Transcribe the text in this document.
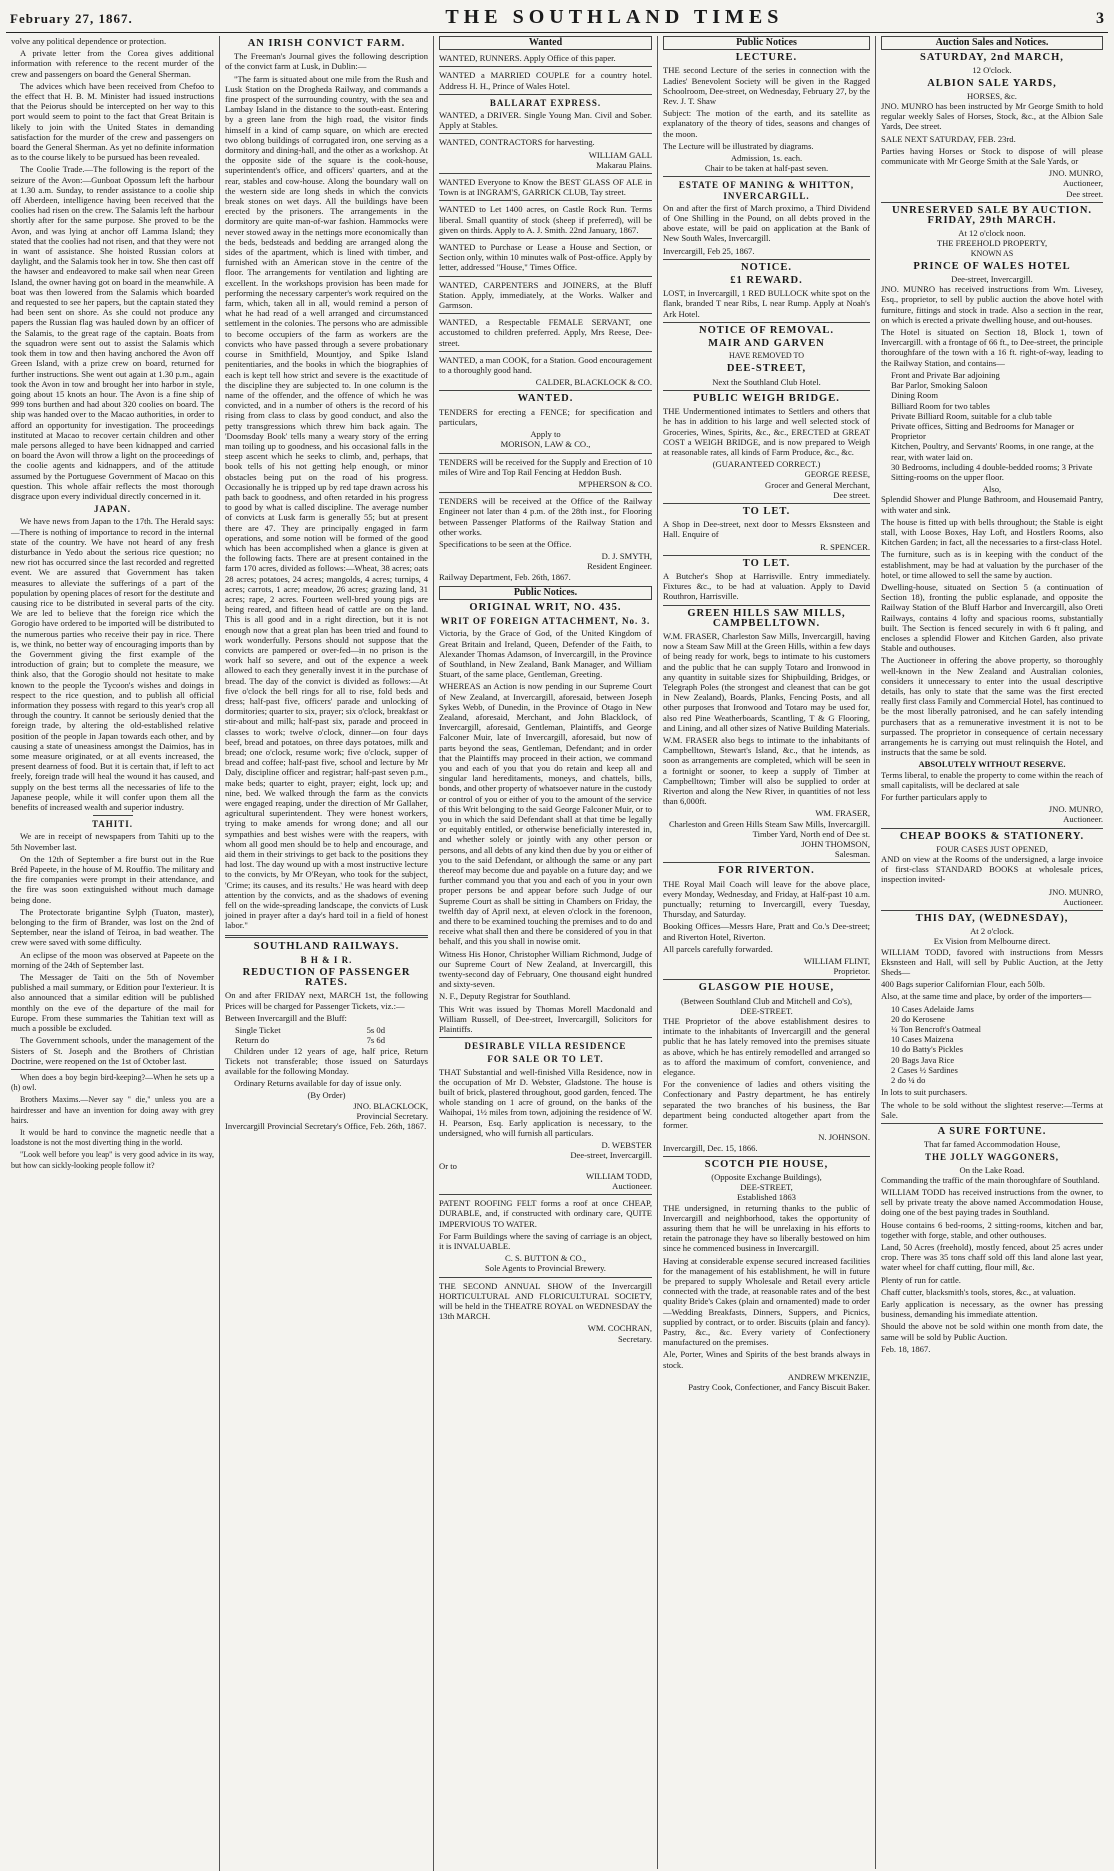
February 27, 1867.	THE SOUTHLAND TIMES	3

volve any political dependence or protection.

A private letter from the Corea gives additional information with reference to the recent murder of the crew and passengers on board the General Sherman.

The advices which have been received from Chefoo to the effect that H. B. M. Minister had issued instructions that the Peiorus should be intercepted on her way to this port would seem to point to the fact that Great Britain is likely to join with the United States in demanding satisfaction for the murder of the crew and passengers on board the General Sherman. As yet no definite information as to the course likely to be pursued has been revealed.

The Coolie Trade.—The following is the report of the seizure of the Avon:—Gunboat Opossum left the harbour at 1.30 a.m. Sunday, to render assistance to a coolie ship off Aberdeen, intelligence having been received that the coolies had risen on the crew. The Salamis left the harbour shortly after for the same purpose. She proved to be the Avon, and was lying at anchor off Lamma Island; they stated that the coolies had not risen, and that they were not in want of assistance. She hoisted Russian colors at daylight, and the Salamis took her in tow. She then cast off the hawser and endeavored to make sail when near Green Island, the owner having got on board in the meanwhile. A boat was then lowered from the Salamis which boarded and requested to see her papers, but the captain stated they had been sent on shore. As she could not produce any papers the Russian flag was hauled down by an officer of the Salamis, to the great rage of the captain. Boats from the squadron were sent out to assist the Salamis which took them in tow and then having anchored the Avon off Green Island, with a prize crew on board, returned for further instructions. She went out again at 1.30 p.m., again took the Avon in tow and brought her into harbor in style, going about 15 knots an hour. The Avon is a fine ship of 999 tons burthen and had about 320 coolies on board. The ship was handed over to the Macao authorities, in order to afford an opportunity for investigation. The proceedings instituted at Macao to recover certain children and other male persons alleged to have been kidnapped and carried on board the Avon will throw a light on the proceedings of the coolie agents and kidnappers, and of the attitude assumed by the Portuguese Government of Macao on this question. This whole affair reflects the most thorough disgrace upon every individual directly concerned in it.

JAPAN.

We have news from Japan to the 17th. The Herald says:—There is nothing of importance to record in the internal state of the country. We have not heard of any fresh disturbance in Yedo about the serious rice question; no new riot has occurred since the last recorded and regretted event. We are assured that Government has taken measures to alleviate the sufferings of a part of the population by opening places of resort for the destitute and causing rice to be distributed in several parts of the city. We are led to believe that the foreign rice which the Gorogio have ordered to be imported will be distributed to the numerous parties who receive their pay in rice. There is, we think, no better way of encouraging imports than by the Government giving the first example of the introduction of grain; but to complete the measure, we think also, that the Gorogio should not hesitate to make known to the people the Tycoon's wishes and doings in respect to the rice question, and to publish all official information they possess with regard to this year's crop all through the country. It cannot be seriously denied that the foreign trade, by altering the old-established relative position of the people in Japan towards each other, and by causing a state of uneasiness amongst the Daimios, has in some measure originated, or at all events increased, the present dearness of food. But it is certain that, if left to act freely, foreign trade will heal the wound it has caused, and supply on the best terms all the necessaries of life to the Japanese people, while it will confer upon them all the benefits of increased wealth and superior industry.

TAHITI.

We are in receipt of newspapers from Tahiti up to the 5th November last.

On the 12th of September a fire burst out in the Rue Bréd Papeete, in the house of M. Rouffio. The military and the fire companies were prompt in their attendance, and the fire was soon extinguished without much damage being done.

The Protectorate brigantine Sylph (Tuaton, master), belonging to the firm of Brander, was lost on the 2nd of September, near the island of Teiroa, in bad weather. The crew were saved with some difficulty.

An eclipse of the moon was observed at Papeete on the morning of the 24th of September last.

The Messager de Taiti on the 5th of November published a mail summary, or Edition pour l'exterieur. It is also announced that a similar edition will be published monthly on the eve of the departure of the mail for Europe. From these summaries the Tahitian text will as much a possible be excluded.

The Government schools, under the management of the Sisters of St. Joseph and the Brothers of Christian Doctrine, were reopened on the 1st of October last.

When does a boy begin bird-keeping?—When he sets up a (h) owl.

Brothers Maxims.—Never say " die," unless you are a hairdresser and have an invention for doing away with grey hairs.

It would be hard to convince the magnetic needle that a loadstone is not the most diverting thing in the world.

"Look well before you leap" is very good advice in its way, but how can sickly-looking people follow it?

AN IRISH CONVICT FARM.

The Freeman's Journal gives the following description of the convict farm at Lusk, in Dublin:—

"The farm is situated about one mile from the Rush and Lusk Station on the Drogheda Railway, and commands a fine prospect of the surrounding country, with the sea and Lambay Island in the distance to the south-east. Entering by a green lane from the high road, the visitor finds himself in a kind of camp square, on which are erected two oblong buildings of corrugated iron, one serving as a dormitory and dining-hall, and the other as a workshop. At the opposite side of the square is the cook-house, superintendent's office, and officers' quarters, and at the rear, stables and cow-house. Along the boundary wall on the western side are long sheds in which the convicts break stones on wet days. All the buildings have been erected by the prisoners. The arrangements in the dormitory are quite man-of-war fashion. Hammocks were never stowed away in the nettings more economically than the beds, bedsteads and bedding are arranged along the sides of the apartment, which is lined with timber, and furnished with an American stove in the centre of the floor. The arrangements for ventilation and lighting are excellent. In the workshops provision has been made for performing the necessary carpenter's work required on the farm, which, taken all in all, would remind a person of what he had read of a well arranged and circumstanced settlement in the colonies. The persons who are admissible to become occupiers of the farm as workers are the convicts who have passed through a severe probationary course in Smithfield, Mountjoy, and Spike Island penitentiaries, and the books in which the biographies of each is kept tell how strict and severe is the exactitude of the discipline they are subjected to. In one column is the name of the offender, and the offence of which he was convicted, and in a number of others is the record of his rising from class to class by good conduct, and also the petty transgressions which threw him back again. The 'Doomsday Book' tells many a weary story of the erring man toiling up to goodness, and his occasional falls in the steep ascent which he seeks to climb, and, perhaps, that book tells of his not getting help enough, or minor obstacles being put on the road of his progress. Occasionally he is tripped up by red tape drawn across his path back to goodness, and often retarded in his progress to good by what is called discipline. The average number of convicts at Lusk farm is generally 55; but at present there are 47. They are principally engaged in farm operations, and some notion will be formed of the good which has been accomplished when a glance is given at the following facts. There are at present contained in the farm 170 acres, divided as follows:—Wheat, 38 acres; oats 28 acres; potatoes, 24 acres; mangolds, 4 acres; turnips, 4 acres; carrots, 1 acre; meadow, 26 acres; grazing land, 31 acres; rape, 2 acres. Fourteen well-bred young pigs are being reared, and fifteen head of cattle are on the land. This is all good and in a right direction, but it is not enough now that a great plan has been tried and found to work wonderfully. Persons should not suppose that the convicts are pampered or over-fed—in no prison is the work half so severe, and out of the expence a week allowed to each they generally invest it in the purchase of bread. The day of the convict is divided as follows:—At five o'clock the bell rings for all to rise, fold beds and dress; half-past five, officers' parade and unlocking of dormitories; quarter to six, prayer; six o'clock, breakfast or stir-about and milk; half-past six, parade and proceed in classes to work; twelve o'clock, dinner—on four days beef, bread and potatoes, on three days potatoes, milk and bread; one o'clock, resume work; five o'clock, supper of bread and coffee; half-past five, school and lecture by Mr Daly, discipline officer and registrar; half-past seven p.m., make beds; quarter to eight, prayer; eight, lock up; and nine, bed. We walked through the farm as the convicts were engaged reaping, under the direction of Mr Gallaher, agricultural superintendent. They were honest workers, trying to make amends for wrong done; and all our sympathies and best wishes were with the reapers, with whom all good men should be to help and encourage, and aid them in their strivings to get back to the positions they had lost. The day wound up with a most instructive lecture to the convicts, by Mr O'Reyan, who took for the subject, 'Crime; its causes, and its results.' He was heard with deep attention by the convicts, and as the shadows of evening fell on the wide-spreading landscape, the convicts of Lusk joined in prayer after a day's hard toil in a field of honest labor."

SOUTHLAND RAILWAYS.
B H & I R.
REDUCTION OF PASSENGER RATES.

On and after FRIDAY next, MARCH 1st, the following Prices will be charged for Passenger Tickets, viz.:—

Between Invercargill and the Bluff:

Single Ticket	5s 0d
Return do	7s 6d

Children under 12 years of age, half price, Return Tickets not transferable; those issued on Saturdays available for the following Monday.

Ordinary Returns available for day of issue only.

(By Order)
JNO. BLACKLOCK,
Provincial Secretary.
Invercargill Provincial Secretary's Office, Feb. 26th, 1867.
Wanted

WANTED, RUNNERS. Apply Office of this paper.

WANTED a MARRIED COUPLE for a country hotel. Address H. H., Prince of Wales Hotel.

BALLARAT EXPRESS.

WANTED, a DRIVER. Single Young Man. Civil and Sober. Apply at Stables.

WANTED, CONTRACTORS for harvesting.

WILLIAM GALL
Makarau Plains.

WANTED Everyone to Know the BEST GLASS OF ALE in Town is at INGRAM'S, GARRICK CLUB, Tay street.

WANTED to Let 1400 acres, on Castle Rock Run. Terms liberal. Small quantity of stock (sheep if preferred), will be given on thirds. Apply to A. J. Smith. 22nd January, 1867.

WANTED to Purchase or Lease a House and Section, or Section only, within 10 minutes walk of Post-office. Apply by letter, addressed "House," Times Office.

WANTED, CARPENTERS and JOINERS, at the Bluff Station. Apply, immediately, at the Works. Walker and Garmson.

WANTED, a Respectable FEMALE SERVANT, one accustomed to children preferred. Apply, Mrs Reese, Dee-street.

WANTED, a man COOK, for a Station. Good encouragement to a thoroughly good hand.

CALDER, BLACKLOCK & CO.
WANTED.

TENDERS for erecting a FENCE; for specification and particulars,

Apply to
MORISON, LAW & CO.,

TENDERS will be received for the Supply and Erection of 10 miles of Wire and Top Rail Fencing at Heddon Bush.

M'PHERSON & CO.

TENDERS will be received at the Office of the Railway Engineer not later than 4 p.m. of the 28th inst., for Flooring between Passenger Platforms of the Railway Station and other works.

Specifications to be seen at the Office.

D. J. SMYTH,
Resident Engineer.
Railway Department, Feb. 26th, 1867.
Public Notices.
ORIGINAL WRIT, NO. 435.
WRIT OF FOREIGN ATTACHMENT, No. 3.

Victoria, by the Grace of God, of the United Kingdom of Great Britain and Ireland, Queen, Defender of the Faith, to Alexander Thomas Adamson, of Invercargill, in the Province of Southland, in New Zealand, Bank Manager, and William Stuart, of the same place, Gentleman, Greeting.

WHEREAS an Action is now pending in our Supreme Court of New Zealand, at Invercargill, aforesaid, between Joseph Sykes Webb, of Dunedin, in the Province of Otago in New Zealand, aforesaid, Merchant, and John Blacklock, of Invercargill, aforesaid, Gentleman, Plaintiffs, and George Falconer Muir, late of Invercargill, aforesaid, but now of parts beyond the seas, Gentleman, Defendant; and in order that the Plaintiffs may proceed in their action, we command you and each of you that you do retain and keep all and singular land hereditaments, moneys, and chattels, bills, bonds, and other property of whatsoever nature in the custody or control of you or either of you to the amount of the service of this Writ belonging to the said George Falconer Muir, or to you in which the said Defendant shall at that time be legally or equitably entitled, or otherwise beneficially interested in, and whether solely or jointly with any other person or persons, and all debts of any kind then due by you or either of you to the said Defendant, or although the same or any part thereof may become due and payable on a future day; and we further command you that you and each of you in your own proper persons be and appear before such Judge of our Supreme Court as shall be sitting in Chambers on Friday, the twelfth day of April next, at eleven o'clock in the forenoon, and there to be examined touching the premises and to do and receive what shall then and there be considered of you in that behalf, and this you shall in nowise omit.

Witness His Honor, Christopher William Richmond, Judge of our Supreme Court of New Zealand, at Invercargill, this twenty-second day of February, One thousand eight hundred and sixty-seven.

N. F., Deputy Registrar for Southland.

This Writ was issued by Thomas Morell Macdonald and William Russell, of Dee-street, Invercargill, Solicitors for Plaintiffs.

DESIRABLE VILLA RESIDENCE
FOR SALE OR TO LET.

THAT Substantial and well-finished Villa Residence, now in the occupation of Mr D. Webster, Gladstone. The house is built of brick, plastered throughout, good garden, fenced. The whole standing on 1 acre of ground, on the banks of the Waihopai, 1½ miles from town, adjoining the residence of W. H. Pearson, Esq. Early application is necessary, to the undersigned, who will furnish all particulars.

D. WEBSTER
Dee-street, Invercargill.
Or to
WILLIAM TODD,
Auctioneer.

PATENT ROOFING FELT forms a roof at once CHEAP, DURABLE, and, if constructed with ordinary care, QUITE IMPERVIOUS TO WATER.

For Farm Buildings where the saving of carriage is an object, it is INVALUABLE.

C. S. BUTTON & CO.,
Sole Agents to Provincial Brewery.

THE SECOND ANNUAL SHOW of the Invercargill HORTICULTURAL AND FLORICULTURAL SOCIETY, will be held in the THEATRE ROYAL on WEDNESDAY the 13th MARCH.

WM. COCHRAN,
Secretary.
Public Notices
LECTURE.

THE second Lecture of the series in connection with the Ladies' Benevolent Society will be given in the Ragged Schoolroom, Dee-street, on Wednesday, February 27, by the Rev. J. T. Shaw

Subject: The motion of the earth, and its satellite as explanatory of the theory of tides, seasons and changes of the moon.

The Lecture will be illustrated by diagrams.

Admission, 1s. each.
Chair to be taken at half-past seven.
ESTATE OF MANING & WHITTON, INVERCARGILL.

On and after the first of March proximo, a Third Dividend of One Shilling in the Pound, on all debts proved in the above estate, will be paid on application at the Bank of New South Wales, Invercargill.

Invercargill, Feb 25, 1867.
NOTICE.
£1 REWARD.

LOST, in Invercargill, 1 RED BULLOCK white spot on the flank, branded T near Ribs, L near Rump. Apply at Noah's Ark Hotel.

NOTICE OF REMOVAL.
MAIR AND GARVEN
HAVE REMOVED TO
DEE-STREET,
Next the Southland Club Hotel.
PUBLIC WEIGH BRIDGE.

THE Undermentioned intimates to Settlers and others that he has in addition to his large and well selected stock of Groceries, Wines, Spirits, &c., &c., ERECTED at GREAT COST a WEIGH BRIDGE, and is now prepared to Weigh at reasonable rates, all kinds of Farm Produce, &c., &c.

(GUARANTEED CORRECT.)
GEORGE REESE,
Grocer and General Merchant,
Dee street.
TO LET.

A Shop in Dee-street, next door to Messrs Eksnsteen and Hall. Enquire of

R. SPENCER.
TO LET.

A Butcher's Shop at Harrisville. Entry immediately. Fixtures &c., to be had at valuation. Apply to David Routhron, Harrisville.

GREEN HILLS SAW MILLS, CAMPBELLTOWN.

W.M. FRASER, Charleston Saw Mills, Invercargill, having now a Steam Saw Mill at the Green Hills, within a few days of being ready for work, begs to intimate to his customers and the public that he can supply Totaro and Ironwood in any quantity in suitable sizes for Shipbuilding, Bridges, or Telegraph Poles (the strongest and cleanest that can be got in New Zealand), Boards, Planks, Fencing Posts, and all other purposes that Ironwood and Totaro may be used for, also red Pine Weatherboards, Scantling, T & G Flooring, and Lining, and all other sizes of Native Building Materials.

W.M. FRASER also begs to intimate to the inhabitants of Campbelltown, Stewart's Island, &c., that he intends, as soon as arrangements are completed, which will be seen in a fortnight or sooner, to keep a supply of Timber at Campbelltown; Timber will also be supplied to order at Riverton and along the New River, in quantities of not less than 6,000ft.

WM. FRASER,
Charleston and Green Hills Steam Saw Mills, Invercargill.
Timber Yard, North end of Dee st.
JOHN THOMSON,
Salesman.
FOR RIVERTON.

THE Royal Mail Coach will leave for the above place, every Monday, Wednesday, and Friday, at Half-past 10 a.m. punctually; returning to Invercargill, every Tuesday, Thursday, and Saturday.

Booking Offices—Messrs Hare, Pratt and Co.'s Dee-street; and Riverton Hotel, Riverton.

All parcels carefully forwarded.

WILLIAM FLINT,
Proprietor.
GLASGOW PIE HOUSE,
(Between Southland Club and Mitchell and Co's),
DEE-STREET.

THE Proprietor of the above establishment desires to intimate to the inhabitants of Invercargill and the general public that he has lately removed into the premises situate as above, which he has entirely remodelled and arranged so as to afford the maximum of comfort, convenience, and elegance.

For the convenience of ladies and others visiting the Confectionary and Pastry department, he has entirely separated the two branches of his business, the Bar department being conducted altogether apart from the former.

N. JOHNSON.
Invercargill, Dec. 15, 1866.
SCOTCH PIE HOUSE,
(Opposite Exchange Buildings),
DEE-STREET,
Established 1863

THE undersigned, in returning thanks to the public of Invercargill and neighborhood, takes the opportunity of assuring them that he will be unrelaxing in his efforts to retain the patronage they have so liberally bestowed on him since he commenced business in Invercargill.

Having at considerable expense secured increased facilities for the management of his establishment, he will in future be prepared to supply Wholesale and Retail every article connected with the trade, at reasonable rates and of the best quality Bride's Cakes (plain and ornamented) made to order—Wedding Breakfasts, Dinners, Suppers, and Picnics, supplied by contract, or to order. Biscuits (plain and fancy). Pastry, &c., &c. Every variety of Confectionery manufactured on the premises.

Ale, Porter, Wines and Spirits of the best brands always in stock.

ANDREW M'KENZIE,
Pastry Cook, Confectioner, and Fancy Biscuit Baker.
Auction Sales and Notices.
SATURDAY, 2nd MARCH,
12 O'clock.
ALBION SALE YARDS,
HORSES, &c.

JNO. MUNRO has been instructed by Mr George Smith to hold regular weekly Sales of Horses, Stock, &c., at the Albion Sale Yards, Dee street.

SALE NEXT SATURDAY, FEB. 23rd.

Parties having Horses or Stock to dispose of will please communicate with Mr George Smith at the Sale Yards, or

JNO. MUNRO,
Auctioneer,
Dee street.
UNRESERVED SALE BY AUCTION. FRIDAY, 29th MARCH.
At 12 o'clock noon.
THE FREEHOLD PROPERTY,
KNOWN AS
PRINCE OF WALES HOTEL
Dee-street, Invercargill.

JNO. MUNRO has received instructions from Wm. Livesey, Esq., proprietor, to sell by public auction the above hotel with furniture, fittings and stock in trade. Also a section in the rear, on which is erected a private dwelling house, and out-houses.

The Hotel is situated on Section 18, Block 1, town of Invercargill. with a frontage of 66 ft., to Dee-street, the principle thoroughfare of the town with a 16 ft. right-of-way, leading to the Railway Station, and contains—

Front and Private Bar adjoining
Bar Parlor, Smoking Saloon
Dining Room
Billiard Room for two tables
Private Billiard Room, suitable for a club table
Private offices, Sitting and Bedrooms for Manager or Proprietor
Kitchen, Poultry, and Servants' Rooms, in one range, at the rear, with water laid on.
30 Bedrooms, including 4 double-bedded rooms; 3 Private Sitting-rooms on the upper floor.
Also,

Splendid Shower and Plunge Bathroom, and Housemaid Pantry, with water and sink.

The house is fitted up with bells throughout; the Stable is eight stall, with Loose Boxes, Hay Loft, and Hostlers Rooms, also Kitchen Garden; in fact, all the necessaries to a first-class Hotel.

The furniture, such as is in keeping with the conduct of the establishment, may be had at valuation by the purchaser of the hotel, or time allowed to sell the same by auction.

Dwelling-house, situated on Section 5 (a continuation of Section 18), fronting the public esplanade, and opposite the Railway Station of the Bluff Harbor and Invercargill, also Oreti Railways, contains 4 lofty and spacious rooms, substantially built. The Section is fenced securely in with 6 ft paling, and encloses a splendid Flower and Kitchen Garden, also private Stable and outhouses.

The Auctioneer in offering the above property, so thoroughly well-known in the New Zealand and Australian colonies, considers it unnecessary to enter into the usual descriptive details, has only to state that the same was the first erected really first class Family and Commercial Hotel, has continued to be the most liberally patronised, and he can safely intending purchasers that as a remunerative investment it is not to be surpassed. The proprietor in consequence of certain necessary arrangements he is carrying out must relinquish the Hotel, and instructs that the same be sold.

ABSOLUTELY WITHOUT RESERVE.

Terms liberal, to enable the property to come within the reach of small capitalists, will be declared at sale

For further particulars apply to

JNO. MUNRO,
Auctioneer.
CHEAP BOOKS & STATIONERY.
FOUR CASES JUST OPENED,

AND on view at the Rooms of the undersigned, a large invoice of first-class STANDARD BOOKS at wholesale prices, inspection invited-

JNO. MUNRO,
Auctioneer.
THIS DAY, (WEDNESDAY),
At 2 o'clock.
Ex Vision from Melbourne direct.

WILLIAM TODD, favored with instructions from Messrs Eksnsteen and Hall, will sell by Public Auction, at the Jetty Sheds—

400 Bags superior Californian Flour, each 50lb.

Also, at the same time and place, by order of the importers—

10 Cases Adelaide Jams
20 do Kerosene
¼ Ton Bencroft's Oatmeal
10 Cases Maizena
10 do Batty's Pickles
20 Bags Java Rice
2 Cases ½ Sardines
2 do ¼ do

In lots to suit purchasers.

The whole to be sold without the slightest reserve:—Terms at Sale.

A SURE FORTUNE.
That far famed Accommodation House,
THE JOLLY WAGGONERS,
On the Lake Road.

Commanding the traffic of the main thoroughfare of Southland.

WILLIAM TODD has received instructions from the owner, to sell by private treaty the above named Accommodation House, doing one of the best paying trades in Southland.

House contains 6 bed-rooms, 2 sitting-rooms, kitchen and bar, together with forge, stable, and other outhouses.

Land, 50 Acres (freehold), mostly fenced, about 25 acres under crop. There was 35 tons chaff sold off this land alone last year, water wheel for chaff cutting, flour mill, &c.

Plenty of run for cattle.

Chaff cutter, blacksmith's tools, stores, &c., at valuation.

Early application is necessary, as the owner has pressing business, demanding his immediate attention.

Should the above not be sold within one month from date, the same will be sold by Public Auction.

Feb. 18, 1867.
